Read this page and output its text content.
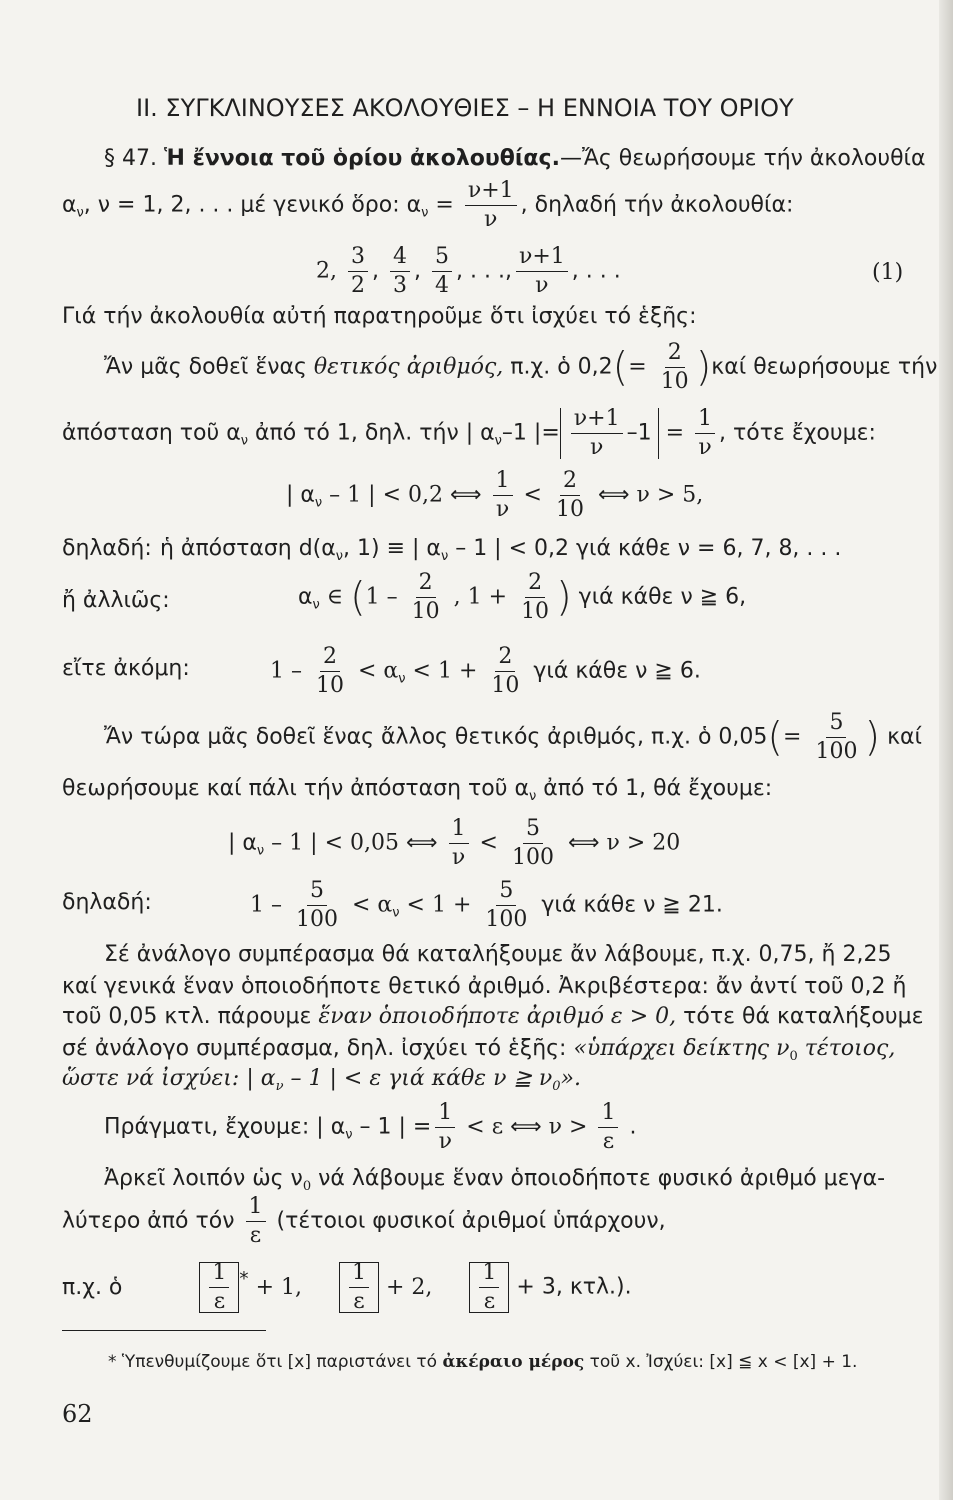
II. ΣΥΓΚΛΙΝΟΥΣΕΣ ΑΚΟΛΟΥΘΙΕΣ – Η ΕΝΝΟΙΑ ΤΟΥ ΟΡΙΟΥ
§ 47. Ἡ ἔννοια τοῦ ὁρίου ἀκολουθίας.—Ἄς θεωρήσουμε τήν ἀκολουθία
$\alpha_\nu$, ν = 1, 2, . . . μέ γενικό ὅρο: $\alpha_\nu = \frac{\nu+1}{\nu}$ , δηλαδή τήν ἀκολουθία:
2, $\frac{3}{2}$ , $\frac{4}{3}$ , $\frac{5}{4}$ , . . ., $\frac{\nu+1}{\nu}$ , . . .	(1)
Γιά τήν ἀκολουθία αὐτή παρατηροῦμε ὅτι ἰσχύει τό ἑξῆς:
Ἄν μᾶς δοθεῖ ἕνας θετικός ἀριθμός, π.χ. ὁ $0,2(= \frac{2}{10} )\kappa\alpha ί$ θεωρήσουμε τήν
ἀπόσταση τοῦ $\alpha_\nu$ ἀπό τό 1, δηλ. τήν | $\alpha_\nu-1$ |= $\frac{\nu+1}{\nu} -1 = \frac{1}{\nu}$ , τότε ἔχουμε:
| $\alpha_\nu - 1$ | < 0,2 ⟺ $\frac{1}{\nu} < \frac{2}{10}$ ⟺ ν > 5,
δηλαδή: ἡ ἀπόσταση $d(\alpha_\nu$, 1) ≡ | $\alpha_\nu - 1$ | < 0,2 γιά κάθε ν = 6, 7, 8, . . .
ἤ ἀλλιῶς:	$\alpha_\nu$ ∈ ($1 - \frac{2}{10}$ , $1 + \frac{2}{10}$ ) γιά κάθε ν ≧ 6,
εἴτε ἀκόμη:	$1 - \frac{2}{10} < \alpha_\nu < 1 + \frac{2}{10}$ γιά κάθε ν ≧ 6.
Ἄν τώρα μᾶς δοθεῖ ἕνας ἄλλος θετικός ἀριθμός, π.χ. ὁ $0,05(= \frac{5}{100}$ ) καί
θεωρήσουμε καί πάλι τήν ἀπόσταση τοῦ $\alpha_\nu$ ἀπό τό 1, θά ἔχουμε:
| $\alpha_\nu - 1$ | < 0,05 ⟺ $\frac{1}{\nu} < \frac{5}{100}$ ⟺ ν > 20
δηλαδή:	$1 - \frac{5}{100} < \alpha_\nu < 1 + \frac{5}{100}$ γιά κάθε ν ≧ 21.
Σέ ἀνάλογο συμπέρασμα θά καταλήξουμε ἄν λάβουμε, π.χ. 0,75, ἤ 2,25
καί γενικά ἕναν ὁποιοδήποτε θετικό ἀριθμό. Ἀκριβέστερα: ἄν ἀντί τοῦ 0,2 ἤ
τοῦ 0,05 κτλ. πάρουμε ἕναν ὁποιοδήποτε ἀριθμό ε > 0, τότε θά καταλήξουμε
σέ ἀνάλογο συμπέρασμα, δηλ. ἰσχύει τό ἑξῆς: «ὑπάρχει δείκτης $\nu_0$ τέτοιος,
ὥστε νά ἰσχύει: | $\alpha_\nu - 1$ | < ε γιά κάθε ν ≧ $\nu_0$».
Πράγματι, ἔχουμε: | $\alpha_\nu - 1$ | = $\frac{1}{\nu} < \varepsilon$ ⟺ $\nu > \frac{1}{\varepsilon}$ .
Ἀρκεῖ λοιπόν ὡς $\nu_0$ νά λάβουμε ἕναν ὁποιοδήποτε φυσικό ἀριθμό μεγα-
λύτερο ἀπό τόν $\frac{1}{\varepsilon} (\tau έ\tau o\iota o\iota$ φυσικοί ἀριθμοί ὑπάρχουν,
π.χ. ὁ	$\frac{1}{\varepsilon} ^* + 1$, $\frac{1}{\varepsilon} + 2$, $\frac{1}{\varepsilon} + 3$, κτλ.).
* Ὑπενθυμίζουμε ὅτι [x] παριστάνει τό ἀκέραιο μέρος τοῦ x. Ἰσχύει: [x] ≦ x < [x] + 1.
62
